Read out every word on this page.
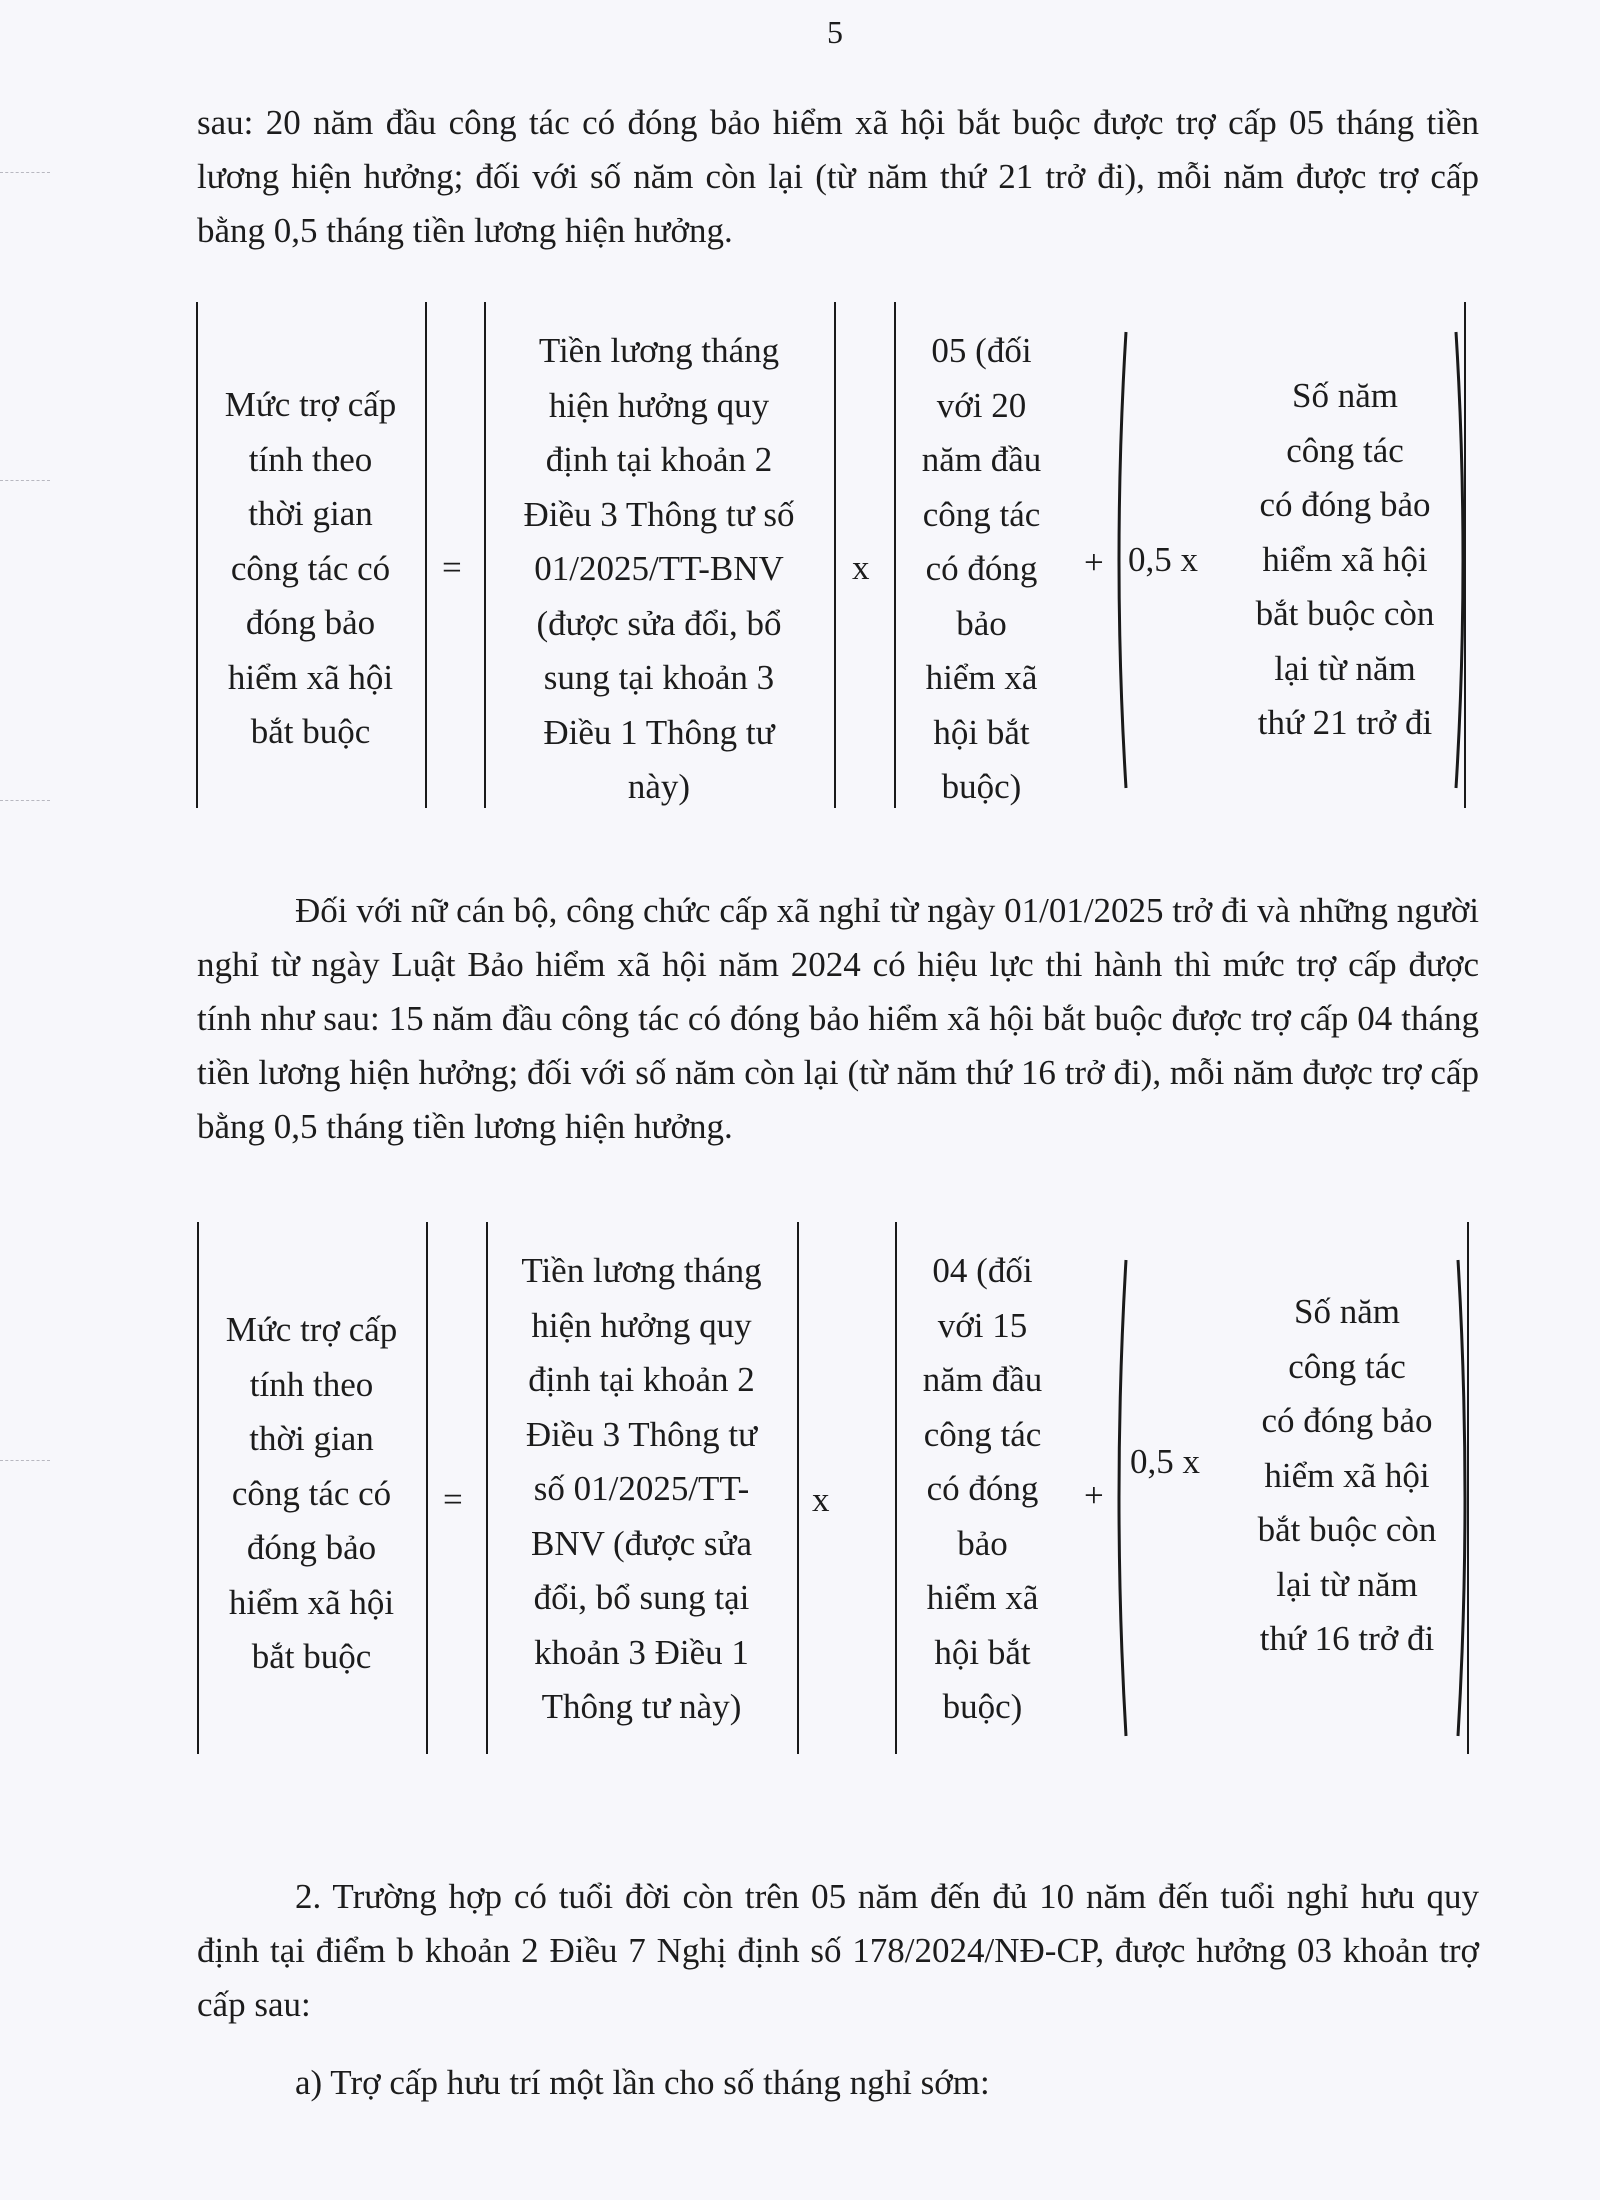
5

sau: 20 năm đầu công tác có đóng bảo hiểm xã hội bắt buộc được trợ cấp 05 tháng tiền lương hiện hưởng; đối với số năm còn lại (từ năm thứ 21 trở đi), mỗi năm được trợ cấp bằng 0,5 tháng tiền lương hiện hưởng.

Mức trợ cấp
tính theo
thời gian
công tác có
đóng bảo
hiểm xã hội
bắt buộc
=
Tiền lương tháng
hiện hưởng quy
định tại khoản 2
Điều 3 Thông tư số
01/2025/TT-BNV
(được sửa đổi, bổ
sung tại khoản 3
Điều 1 Thông tư
này)
x
05 (đối
với 20
năm đầu
công tác
có đóng
bảo
hiểm xã
hội bắt
buộc)
+ 0,5 x
Số năm
công tác
có đóng bảo
hiểm xã hội
bắt buộc còn
lại từ năm
thứ 21 trở đi

Đối với nữ cán bộ, công chức cấp xã nghỉ từ ngày 01/01/2025 trở đi và những người nghỉ từ ngày Luật Bảo hiểm xã hội năm 2024 có hiệu lực thi hành thì mức trợ cấp được tính như sau: 15 năm đầu công tác có đóng bảo hiểm xã hội bắt buộc được trợ cấp 04 tháng tiền lương hiện hưởng; đối với số năm còn lại (từ năm thứ 16 trở đi), mỗi năm được trợ cấp bằng 0,5 tháng tiền lương hiện hưởng.

Mức trợ cấp
tính theo
thời gian
công tác có
đóng bảo
hiểm xã hội
bắt buộc
=
Tiền lương tháng
hiện hưởng quy
định tại khoản 2
Điều 3 Thông tư
số 01/2025/TT-
BNV (được sửa
đổi, bổ sung tại
khoản 3 Điều 1
Thông tư này)
x
04 (đối
với 15
năm đầu
công tác
có đóng
bảo
hiểm xã
hội bắt
buộc)
+
0,5 x
Số năm
công tác
có đóng bảo
hiểm xã hội
bắt buộc còn
lại từ năm
thứ 16 trở đi

2. Trường hợp có tuổi đời còn trên 05 năm đến đủ 10 năm đến tuổi nghỉ hưu quy định tại điểm b khoản 2 Điều 7 Nghị định số 178/2024/NĐ-CP, được hưởng 03 khoản trợ cấp sau:

a) Trợ cấp hưu trí một lần cho số tháng nghỉ sớm:
